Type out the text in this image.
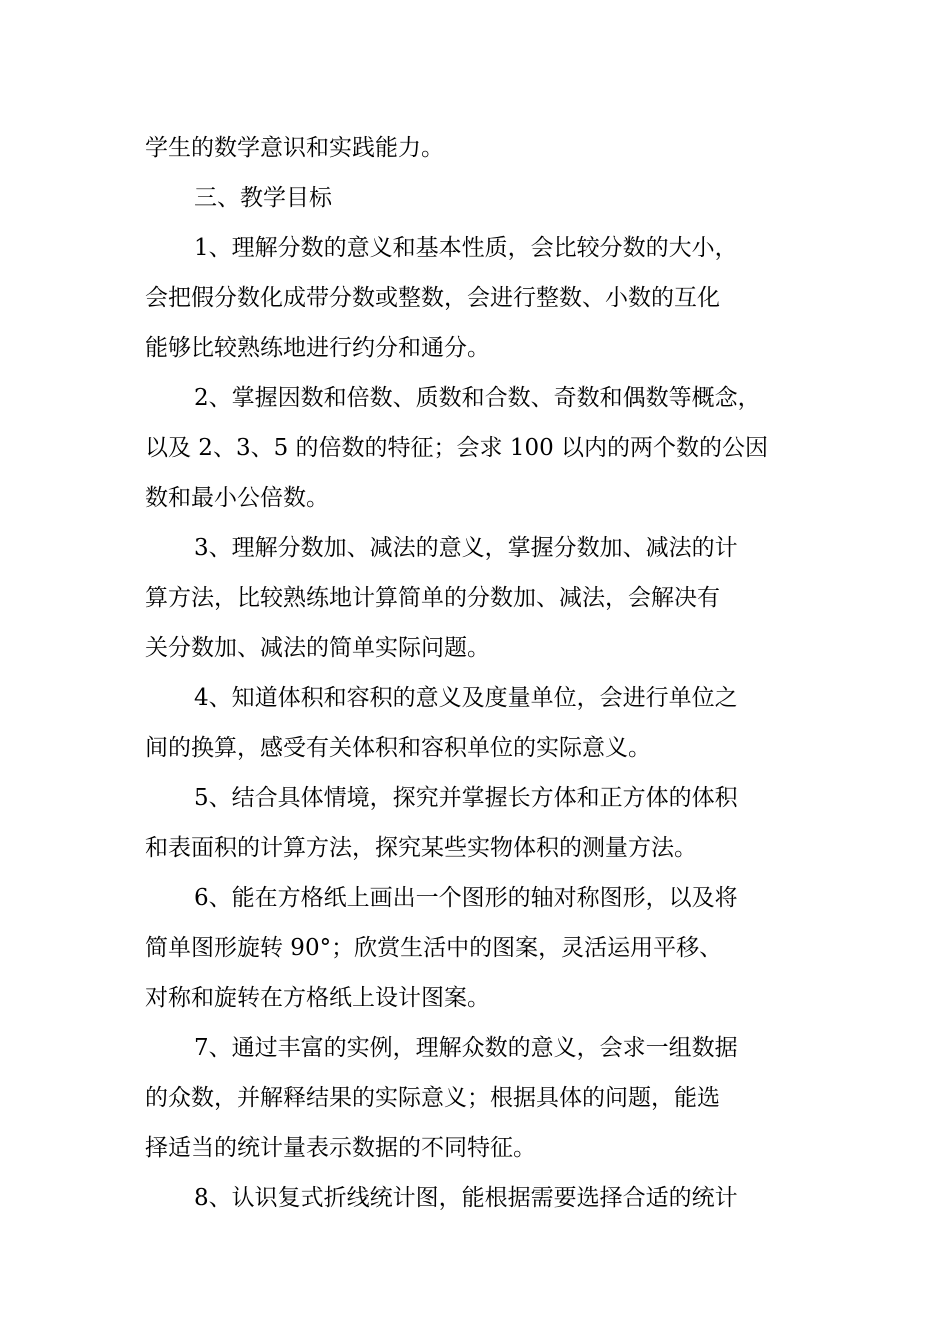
学生的数学意识和实践能力。
三、教学目标
1、理解分数的意义和基本性质，会比较分数的大小，
会把假分数化成带分数或整数，会进行整数、小数的互化
能够比较熟练地进行约分和通分。
2、掌握因数和倍数、质数和合数、奇数和偶数等概念，
以及 2、3、5 的倍数的特征；会求 100 以内的两个数的公因
数和最小公倍数。
3、理解分数加、减法的意义，掌握分数加、减法的计
算方法，比较熟练地计算简单的分数加、减法，会解决有
关分数加、减法的简单实际问题。
4、知道体积和容积的意义及度量单位，会进行单位之
间的换算，感受有关体积和容积单位的实际意义。
5、结合具体情境，探究并掌握长方体和正方体的体积
和表面积的计算方法，探究某些实物体积的测量方法。
6、能在方格纸上画出一个图形的轴对称图形，以及将
简单图形旋转 90°；欣赏生活中的图案，灵活运用平移、
对称和旋转在方格纸上设计图案。
7、通过丰富的实例，理解众数的意义，会求一组数据
的众数，并解释结果的实际意义；根据具体的问题，能选
择适当的统计量表示数据的不同特征。
8、认识复式折线统计图，能根据需要选择合适的统计
